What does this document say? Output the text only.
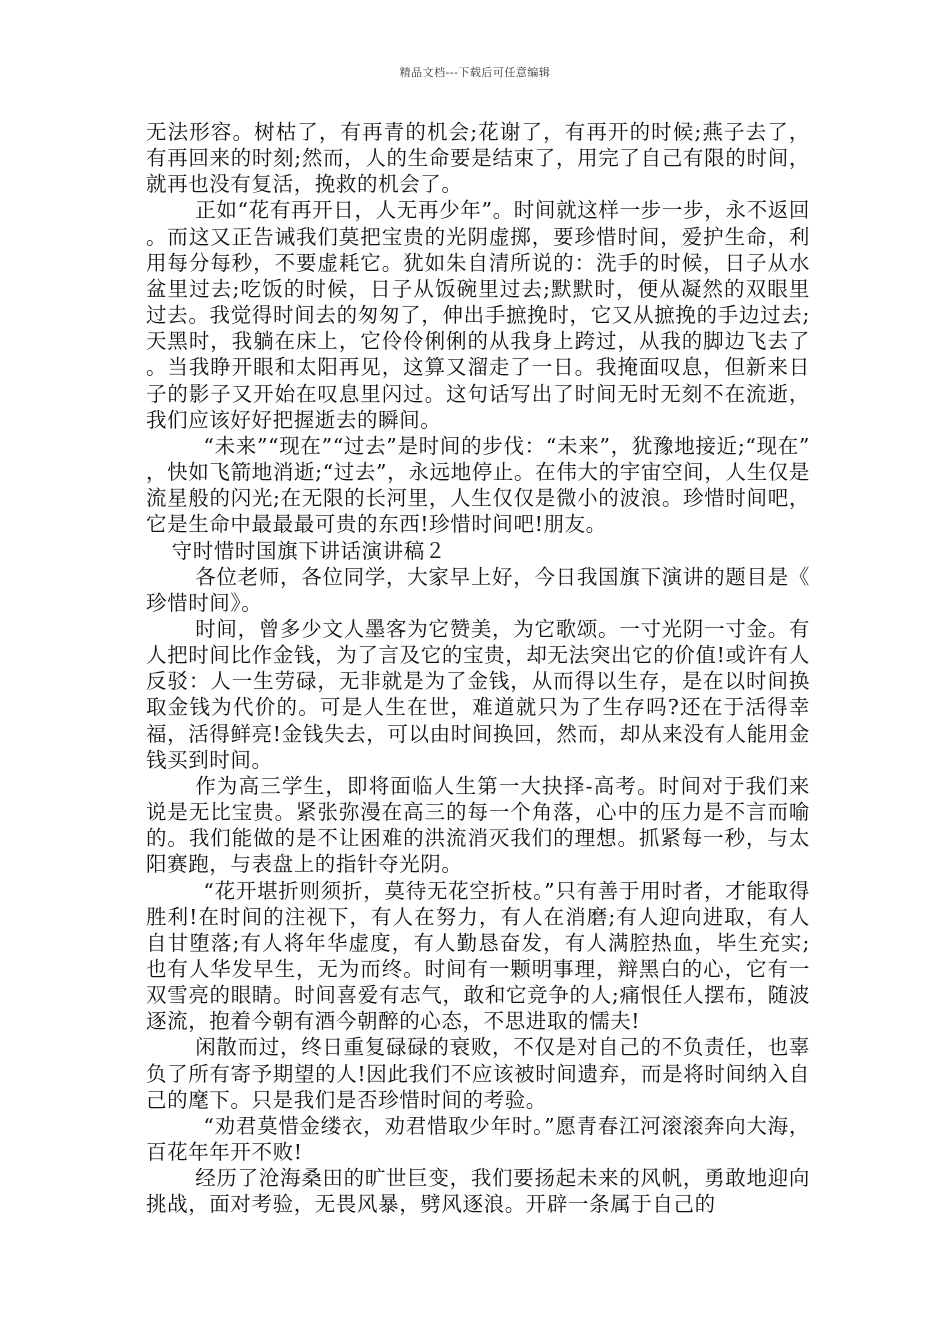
精品文档---下载后可任意编辑

无法形容。树枯了，有再青的机会;花谢了，有再开的时候;燕子去了，有再回来的时刻;然而，人的生命要是结束了，用完了自己有限的时间，就再也没有复活，挽救的机会了。

正如“花有再开日，人无再少年”。时间就这样一步一步，永不返回。而这又正告诫我们莫把宝贵的光阴虚掷，要珍惜时间，爱护生命，利用每分每秒，不要虚耗它。犹如朱自清所说的：洗手的时候，日子从水盆里过去;吃饭的时候，日子从饭碗里过去;默默时，便从凝然的双眼里过去。我觉得时间去的匆匆了，伸出手摭挽时，它又从摭挽的手边过去;天黑时，我躺在床上，它伶伶俐俐的从我身上跨过，从我的脚边飞去了。当我睁开眼和太阳再见，这算又溜走了一日。我掩面叹息，但新来日子的影子又开始在叹息里闪过。这句话写出了时间无时无刻不在流逝，我们应该好好把握逝去的瞬间。

“未来”“现在”“过去”是时间的步伐：“未来”，犹豫地接近;“现在”，快如飞箭地消逝;“过去”，永远地停止。在伟大的宇宙空间，人生仅是流星般的闪光;在无限的长河里，人生仅仅是微小的波浪。珍惜时间吧，它是生命中最最最可贵的东西!珍惜时间吧!朋友。

守时惜时国旗下讲话演讲稿２

各位老师，各位同学，大家早上好，今日我国旗下演讲的题目是《珍惜时间》。

时间，曾多少文人墨客为它赞美，为它歌颂。一寸光阴一寸金。有人把时间比作金钱，为了言及它的宝贵，却无法突出它的价值!或许有人反驳：人一生劳碌，无非就是为了金钱，从而得以生存，是在以时间换取金钱为代价的。可是人生在世，难道就只为了生存吗?还在于活得幸福，活得鲜亮!金钱失去，可以由时间换回，然而，却从来没有人能用金钱买到时间。

作为高三学生，即将面临人生第一大抉择-高考。时间对于我们来说是无比宝贵。紧张弥漫在高三的每一个角落，心中的压力是不言而喻的。我们能做的是不让困难的洪流消灭我们的理想。抓紧每一秒，与太阳赛跑，与表盘上的指针夺光阴。

“花开堪折则须折，莫待无花空折枝。”只有善于用时者，才能取得胜利!在时间的注视下，有人在努力，有人在消磨;有人迎向进取，有人自甘堕落;有人将年华虚度，有人勤恳奋发，有人满腔热血，毕生充实;也有人华发早生，无为而终。时间有一颗明事理，辩黑白的心，它有一双雪亮的眼睛。时间喜爱有志气，敢和它竞争的人;痛恨任人摆布，随波逐流，抱着今朝有酒今朝醉的心态，不思进取的懦夫!

闲散而过，终日重复碌碌的衰败，不仅是对自己的不负责任，也辜负了所有寄予期望的人!因此我们不应该被时间遗弃，而是将时间纳入自己的麾下。只是我们是否珍惜时间的考验。

“劝君莫惜金缕衣，劝君惜取少年时。”愿青春江河滚滚奔向大海，百花年年开不败!

经历了沧海桑田的旷世巨变，我们要扬起未来的风帆，勇敢地迎向挑战，面对考验，无畏风暴，劈风逐浪。开辟一条属于自己的
